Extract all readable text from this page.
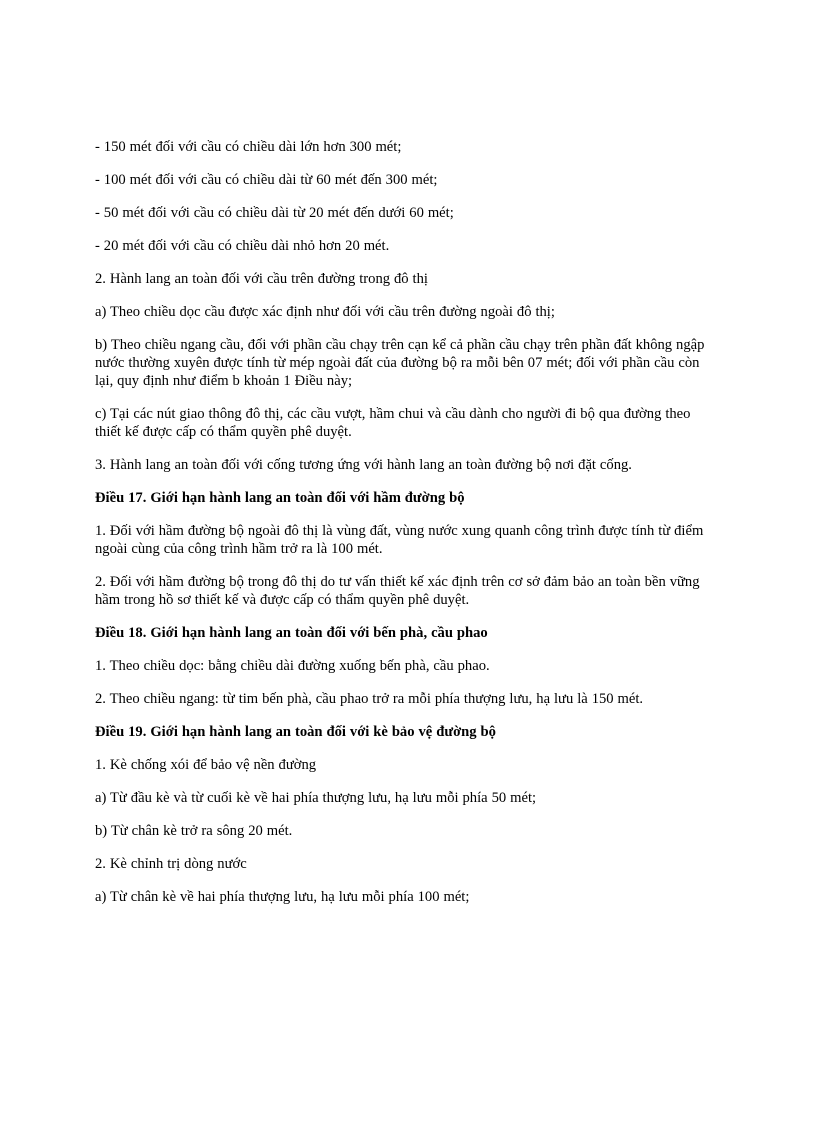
- 150 mét đối với cầu có chiều dài lớn hơn 300 mét;

- 100 mét đối với cầu có chiều dài từ 60 mét đến 300 mét;

- 50 mét đối với cầu có chiều dài từ 20 mét đến dưới 60 mét;

- 20 mét đối với cầu có chiều dài nhỏ hơn 20 mét.

2. Hành lang an toàn đối với cầu trên đường trong đô thị

a) Theo chiều dọc cầu được xác định như đối với cầu trên đường ngoài đô thị;

b) Theo chiều ngang cầu, đối với phần cầu chạy trên cạn kể cả phần cầu chạy trên phần đất không ngập nước thường xuyên được tính từ mép ngoài đất của đường bộ ra mỗi bên 07 mét; đối với phần cầu còn lại, quy định như điểm b khoản 1 Điều này;

c) Tại các nút giao thông đô thị, các cầu vượt, hầm chui và cầu dành cho người đi bộ qua đường theo thiết kế được cấp có thẩm quyền phê duyệt.

3. Hành lang an toàn đối với cống tương ứng với hành lang an toàn đường bộ nơi đặt cống.

Điều 17. Giới hạn hành lang an toàn đối với hầm đường bộ

1. Đối với hầm đường bộ ngoài đô thị là vùng đất, vùng nước xung quanh công trình được tính từ điểm ngoài cùng của công trình hầm trở ra là 100 mét.

2. Đối với hầm đường bộ trong đô thị do tư vấn thiết kế xác định trên cơ sở đảm bảo an toàn bền vững hầm trong hồ sơ thiết kế và được cấp có thẩm quyền phê duyệt.

Điều 18. Giới hạn hành lang an toàn đối với bến phà, cầu phao

1. Theo chiều dọc: bằng chiều dài đường xuống bến phà, cầu phao.

2. Theo chiều ngang: từ tim bến phà, cầu phao trở ra mỗi phía thượng lưu, hạ lưu là 150 mét.

Điều 19. Giới hạn hành lang an toàn đối với kè bảo vệ đường bộ

1. Kè chống xói để bảo vệ nền đường

a) Từ đầu kè và từ cuối kè về hai phía thượng lưu, hạ lưu mỗi phía 50 mét;

b) Từ chân kè trở ra sông 20 mét.

2. Kè chỉnh trị dòng nước

a) Từ chân kè về hai phía thượng lưu, hạ lưu mỗi phía 100 mét;
